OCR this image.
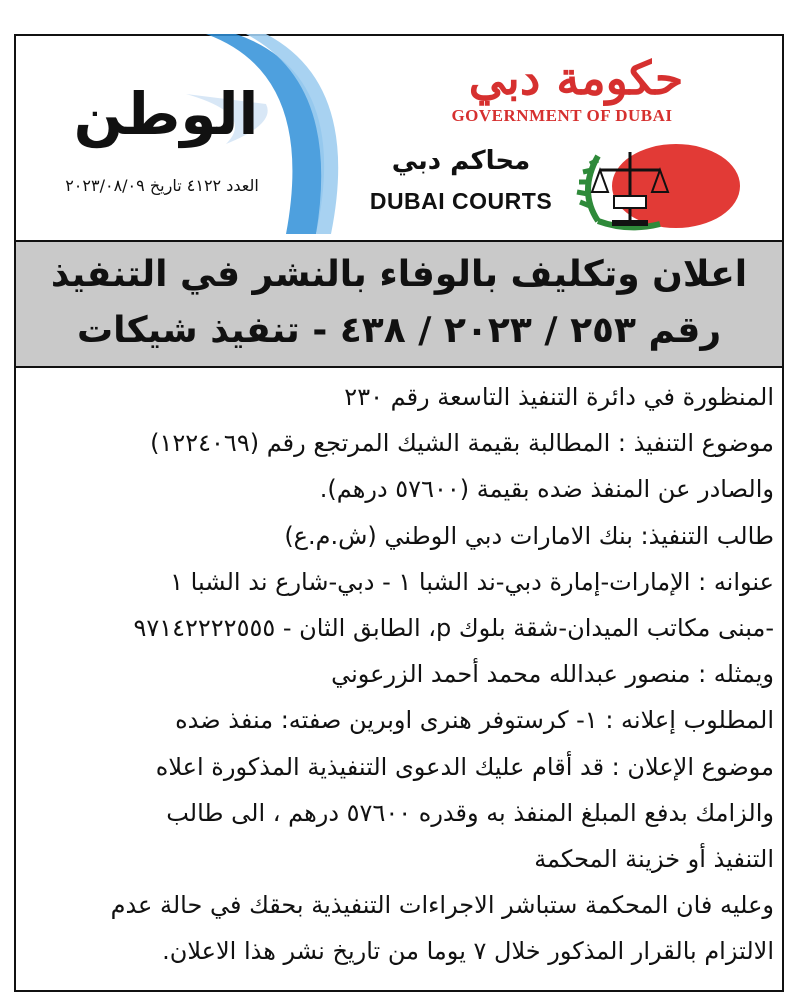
حكومة دبي
GOVERNMENT OF DUBAI
محاكم دبي
DUBAI COURTS
الوطن
العدد ٤١٢٢ تاريخ ٢٠٢٣/٠٨/٠٩
اعلان وتكليف بالوفاء بالنشر في التنفيذ
رقم ٢٥٣ / ٢٠٢٣ / ٤٣٨ - تنفيذ شيكات
المنظورة في دائرة التنفيذ التاسعة رقم ٢٣٠
موضوع التنفيذ : المطالبة بقيمة الشيك المرتجع رقم (١٢٢٤٠٦٩)
والصادر عن المنفذ ضده بقيمة (٥٧٦٠٠ درهم).
طالب التنفيذ: بنك الامارات دبي الوطني (ش.م.ع)
عنوانه : الإمارات-إمارة دبي-ند الشبا ١ - دبي-شارع ند الشبا ١
-مبنى مكاتب الميدان-شقة بلوك p، الطابق الثان - ٩٧١٤٢٢٢٢٥٥٥
ويمثله : منصور عبدالله محمد أحمد الزرعوني
المطلوب إعلانه : ١- كرستوفر هنرى اوبرين صفته: منفذ ضده
موضوع الإعلان : قد أقام عليك الدعوى التنفيذية المذكورة اعلاه
والزامك بدفع المبلغ المنفذ به وقدره ٥٧٦٠٠ درهم ، الى طالب
التنفيذ أو خزينة المحكمة
وعليه فان المحكمة ستباشر الاجراءات التنفيذية بحقك في حالة عدم
الالتزام بالقرار المذكور خلال ٧ يوما من تاريخ نشر هذا الاعلان.
